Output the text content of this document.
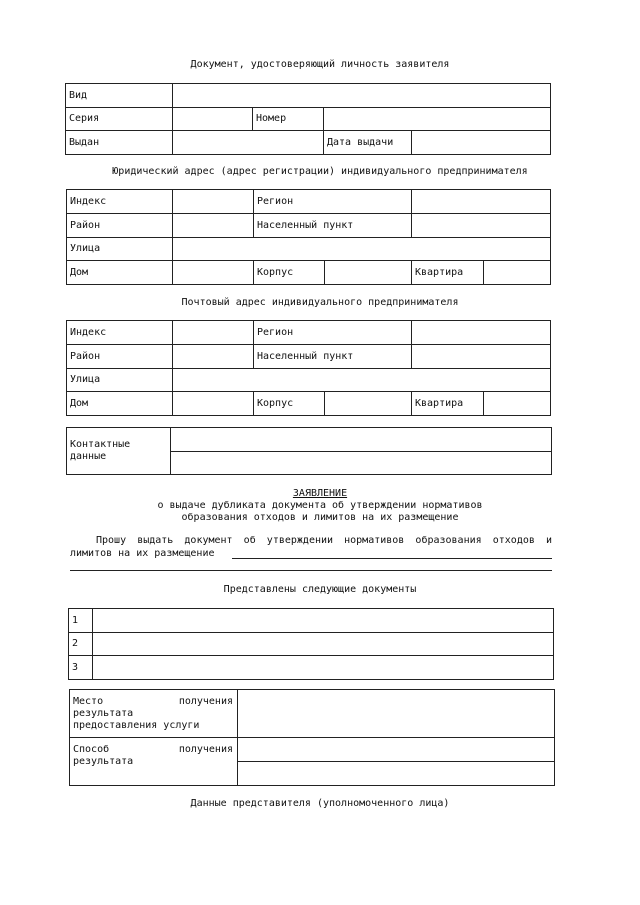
Документ, удостоверяющий личность заявителя
Вид				
Серия		Номер		
Выдан			Дата выдачи	
Юридический адрес (адрес регистрации) индивидуального предпринимателя
Индекс		Регион			
Район		Населенный пункт			
Улица					
Дом		Корпус		Квартира	
Почтовый адрес индивидуального предпринимателя
Индекс		Регион			
Район		Населенный пункт			
Улица					
Дом		Корпус		Квартира	
Контактные
данные

ЗАЯВЛЕНИЕ
о выдаче дубликата документа об утверждении нормативов
образования отходов и лимитов на их размещение
Прошу выдать документ об утверждении нормативов образования отходов и
лимитов на их размещение
Представлены следующие документы
1	
2	
3	
Место получения
результата
предоставления услуги	

Способ получения
результата	

Данные представителя (уполномоченного лица)
